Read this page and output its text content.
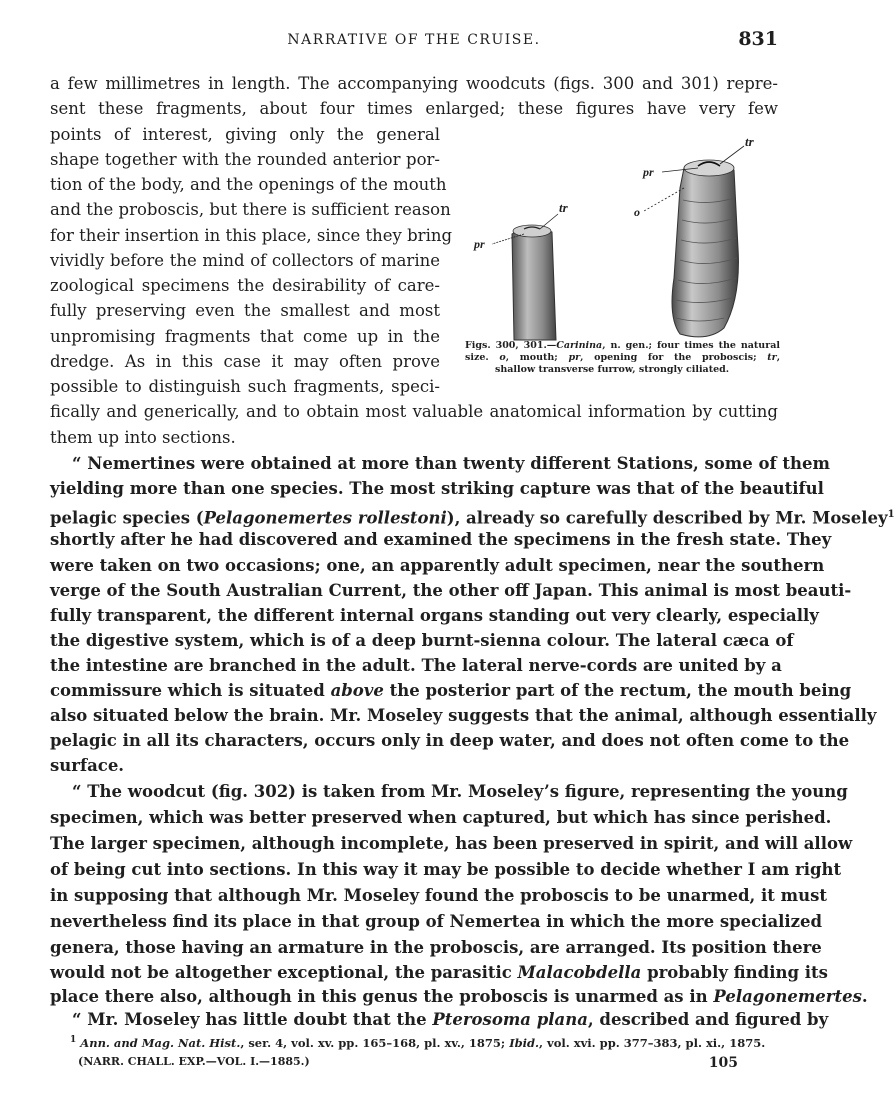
NARRATIVE OF THE CRUISE.	831
a few millimetres in length. The accompanying woodcuts (figs. 300 and 301) repre-
sent these fragments, about four times enlarged; these figures have very few
points of interest, giving only the general
shape together with the rounded anterior por-
tion of the body, and the openings of the mouth
and the proboscis, but there is sufficient reason
for their insertion in this place, since they bring
vividly before the mind of collectors of marine
zoological specimens the desirability of care-
fully preserving even the smallest and most
unpromising fragments that come up in the
dredge. As in this case it may often prove
possible to distinguish such fragments, speci-
fically and generically, and to obtain most valuable anatomical information by cutting
them up into sections.
“ Nemertines were obtained at more than twenty different Stations, some of them
yielding more than one species. The most striking capture was that of the beautiful
pelagic species (Pelagonemertes rollestoni), already so carefully described by Mr. Moseley$^1$
shortly after he had discovered and examined the specimens in the fresh state. They
were taken on two occasions; one, an apparently adult specimen, near the southern
verge of the South Australian Current, the other off Japan. This animal is most beauti-
fully transparent, the different internal organs standing out very clearly, especially
the digestive system, which is of a deep burnt-sienna colour. The lateral cæca of
the intestine are branched in the adult. The lateral nerve-cords are united by a
commissure which is situated above the posterior part of the rectum, the mouth being
also situated below the brain. Mr. Moseley suggests that the animal, although essentially
pelagic in all its characters, occurs only in deep water, and does not often come to the
surface.
“ The woodcut (fig. 302) is taken from Mr. Moseley’s figure, representing the young
specimen, which was better preserved when captured, but which has since perished.
The larger specimen, although incomplete, has been preserved in spirit, and will allow
of being cut into sections. In this way it may be possible to decide whether I am right
in supposing that although Mr. Moseley found the proboscis to be unarmed, it must
nevertheless find its place in that group of Nemertea in which the more specialized
genera, those having an armature in the proboscis, are arranged. Its position there
would not be altogether exceptional, the parasitic Malacobdella probably finding its
place there also, although in this genus the proboscis is unarmed as in Pelagonemertes.
“ Mr. Moseley has little doubt that the Pterosoma plana, described and figured by
tr
pr
tr
pr
o
Figs. 300, 301.—Carinina, n. gen.; four times the natural
size. o, mouth; pr, opening for the proboscis; tr,
shallow transverse furrow, strongly ciliated.
$^1$ Ann. and Mag. Nat. Hist., ser. 4, vol. xv. pp. 165–168, pl. xv., 1875; Ibid., vol. xvi. pp. 377–383, pl. xi., 1875.
(NARR. CHALL. EXP.—VOL. I.—1885.)	105
